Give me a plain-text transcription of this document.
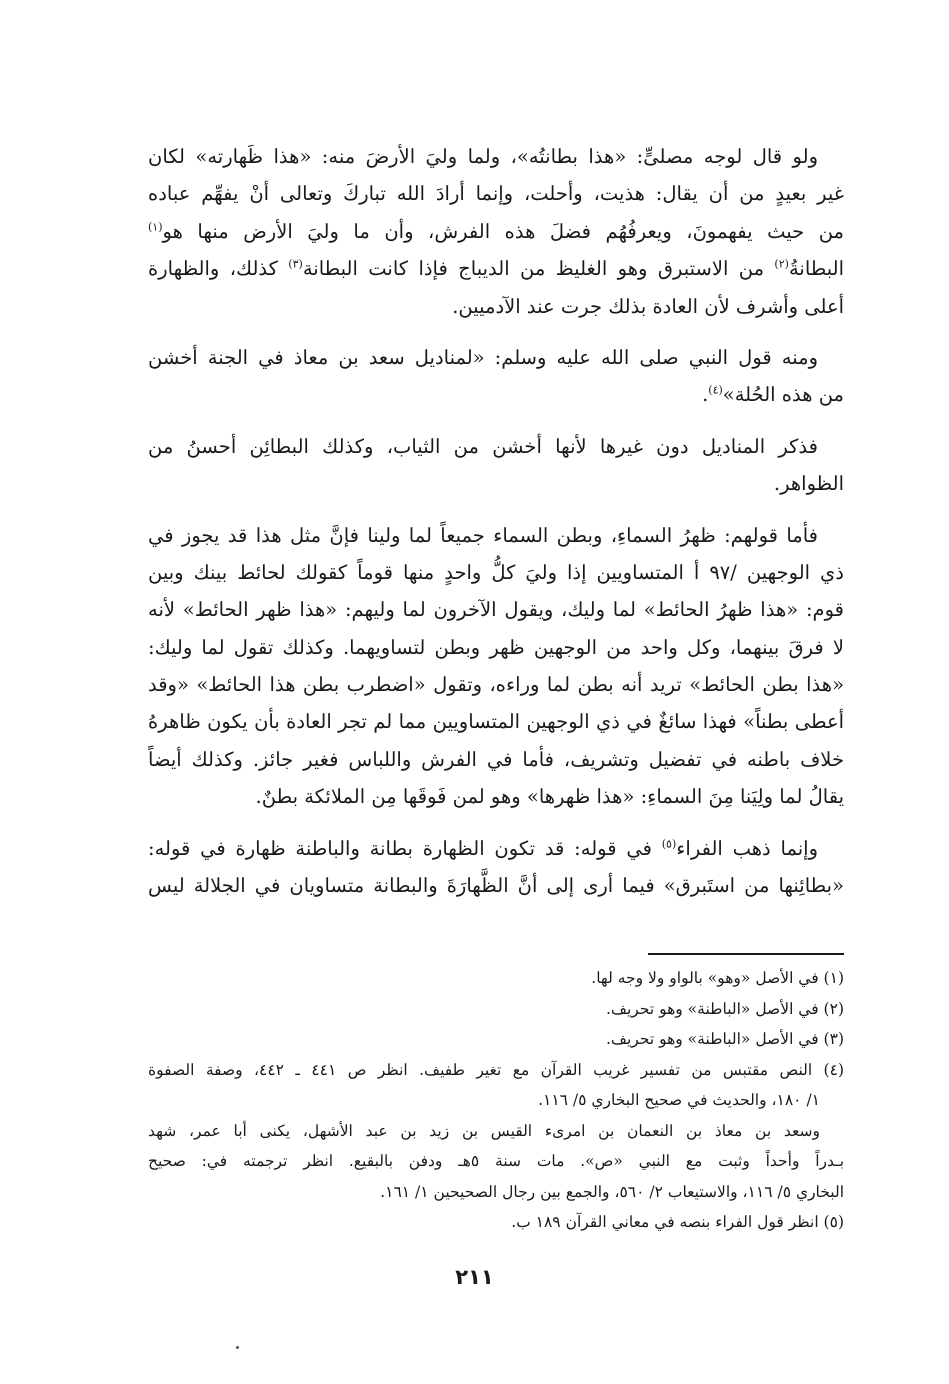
ولو قال لوجه مصلىٍّ: «هذا بطانتُه»، ولما وليَ الأرضَ منه: «هذا ظَهارته» لكان
غير بعيدٍ من أن يقال: هذيت، وأحلت، وإنما أرادَ الله تباركَ وتعالى أنْ يفهِّم عباده
من حيث يفهمونَ، ويعرفُهُم فضلَ هذه الفرش، وأن ما وليَ الأرض منها هو$^{(١)}$
البطانةُ$^{(٢)}$ من الاستبرق وهو الغليظ من الديباج فإذا كانت البطانة$^{(٣)}$ كذلك، والظهارة
أعلى وأشرف لأن العادة بذلك جرت عند الآدميين.
ومنه قول النبي صلى الله عليه وسلم: «لمناديل سعد بن معاذ في الجنة أخشن
من هذه الحُلة»$^{(٤)}$.
فذكر المناديل دون غيرها لأنها أخشن من الثياب، وكذلك البطائِن أحسنُ من
الظواهر.
فأما قولهم: ظهرُ السماءِ، وبطن السماء جميعاً لما ولينا فإنَّ مثل هذا قد يجوز في
ذي الوجهين /٩٧ أ المتساويين إذا وليَ كلُّ واحدٍ منها قوماً كقولك لحائط بينك وبين
قوم: «هذا ظهرُ الحائط» لما وليك، ويقول الآخرون لما وليهم: «هذا ظهر الحائط» لأنه
لا فرقَ بينهما، وكل واحد من الوجهين ظهر وبطن لتساويهما. وكذلك تقول لما وليك:
«هذا بطن الحائط» تريد أنه بطن لما وراءه، وتقول «اضطرب بطن هذا الحائط» «وقد
أعطى بطناً» فهذا سائغٌ في ذي الوجهين المتساويين مما لم تجر العادة بأن يكون ظاهرهُ
خلاف باطنه في تفضيل وتشريف، فأما في الفرش واللباس فغير جائز. وكذلك أيضاً
يقالُ لما ولِيَنا مِنَ السماءِ: «هذا ظهرها» وهو لمن فَوقَها مِن الملائكة بطنٌ.
وإنما ذهب الفراء$^{(٥)}$ في قوله: قد تكون الظهارة بطانة والباطنة ظهارة في قوله:
«بطائِنها من استَبرق» فيما أرى إلى أنَّ الظَّهارَةَ والبطانة متساويان في الجلالة ليس
(١) في الأصل «وهو» بالواو ولا وجه لها.
(٢) في الأصل «الباطنة» وهو تحريف.
(٣) في الأصل «الباطنة» وهو تحريف.
(٤) النص مقتبس من تفسير غريب القرآن مع تغير طفيف. انظر ص ٤٤١ ـ ٤٤٢، وصفة الصفوة
١/ ١٨٠، والحديث في صحيح البخاري ٥/ ١١٦.
وسعد بن معاذ بن النعمان بن امرىء القيس بن زيد بن عبد الأشهل، يكنى أبا عمر، شهد
بـدراً وأحداً وثبت مع النبي «ص». مات سنة ٥هـ ودفن بالبقيع. انظر ترجمته في: صحيح
البخاري ٥/ ١١٦، والاستيعاب ٢/ ٥٦٠، والجمع بين رجال الصحيحين ١/ ١٦١.
(٥) انظر قول الفراء بنصه في معاني القرآن ١٨٩ ب.
٢١١
